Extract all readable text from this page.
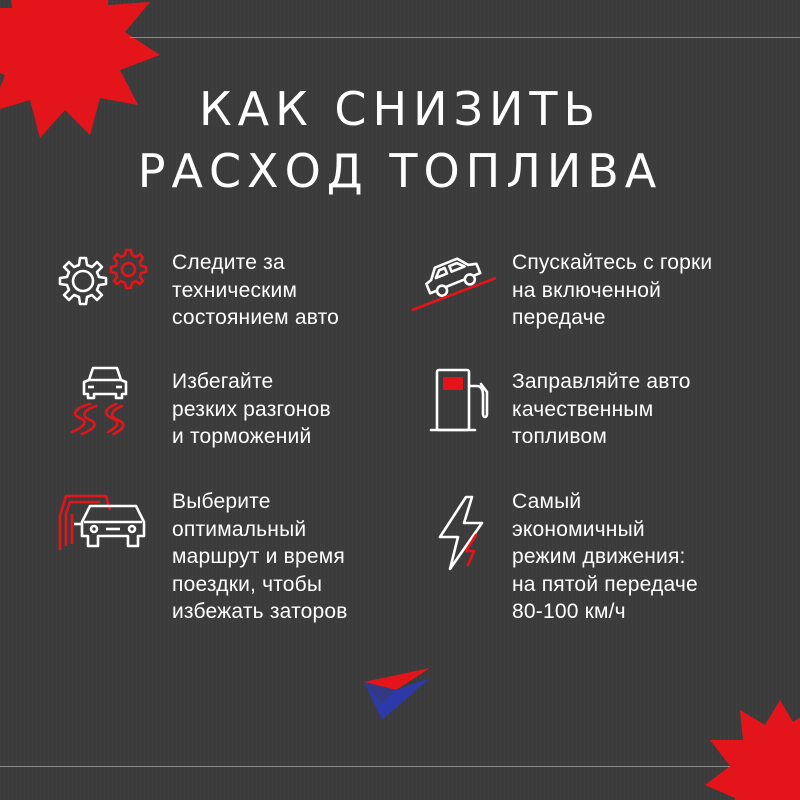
КАК СНИЗИТЬ
РАСХОД ТОПЛИВА
Следите за
техническим
состоянием авто
Спускайтесь с горки
на включенной
передаче
Избегайте
резких разгонов
и торможений
Заправляйте авто
качественным
топливом
Выберите
оптимальный
маршрут и время
поездки, чтобы
избежать заторов
Самый
экономичный
режим движения:
на пятой передаче
80-100 км/ч
